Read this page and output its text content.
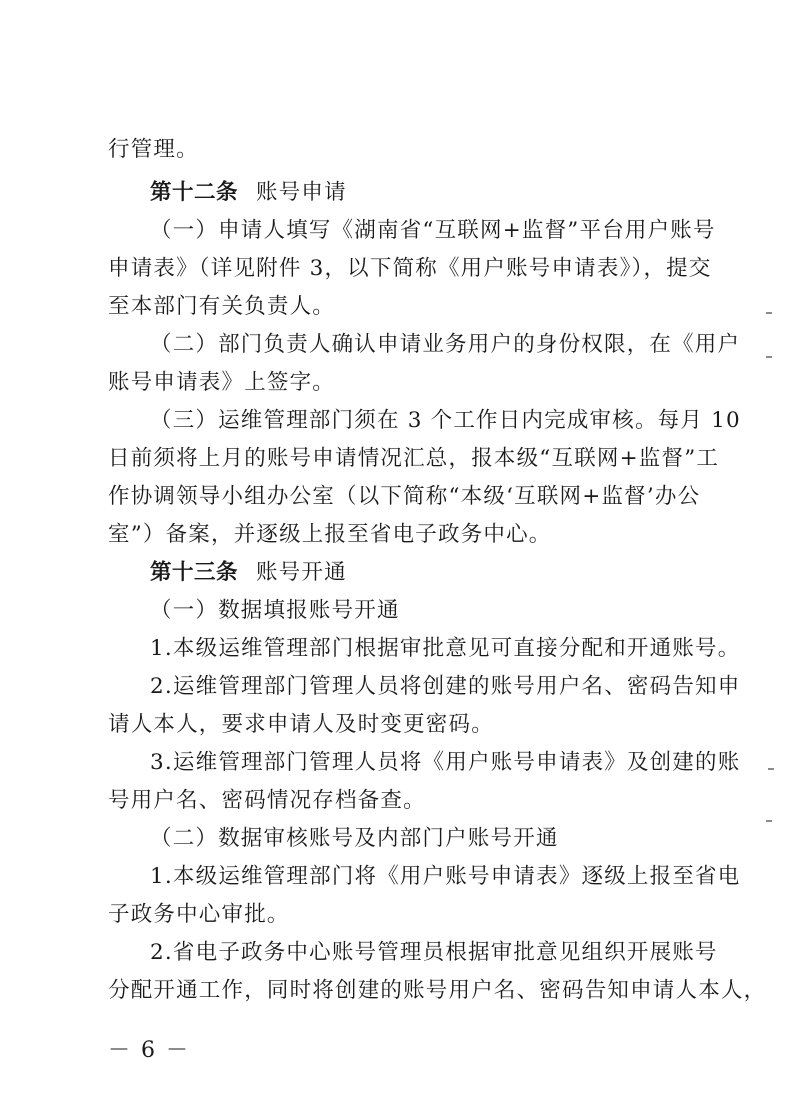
行管理。
第十二条 账号申请
（一）申请人填写《湖南省“互联网+监督”平台用户账号
申请表》（详见附件 3，以下简称《用户账号申请表》），提交
至本部门有关负责人。
（二）部门负责人确认申请业务用户的身份权限，在《用户
账号申请表》上签字。
（三）运维管理部门须在 3 个工作日内完成审核。每月 10
日前须将上月的账号申请情况汇总，报本级“互联网+监督”工
作协调领导小组办公室（以下简称“本级‘互联网+监督’办公
室”）备案，并逐级上报至省电子政务中心。
第十三条 账号开通
（一）数据填报账号开通
1.本级运维管理部门根据审批意见可直接分配和开通账号。
2.运维管理部门管理人员将创建的账号用户名、密码告知申
请人本人，要求申请人及时变更密码。
3.运维管理部门管理人员将《用户账号申请表》及创建的账
号用户名、密码情况存档备查。
（二）数据审核账号及内部门户账号开通
1.本级运维管理部门将《用户账号申请表》逐级上报至省电
子政务中心审批。
2.省电子政务中心账号管理员根据审批意见组织开展账号
分配开通工作，同时将创建的账号用户名、密码告知申请人本人，
－ 6 －
